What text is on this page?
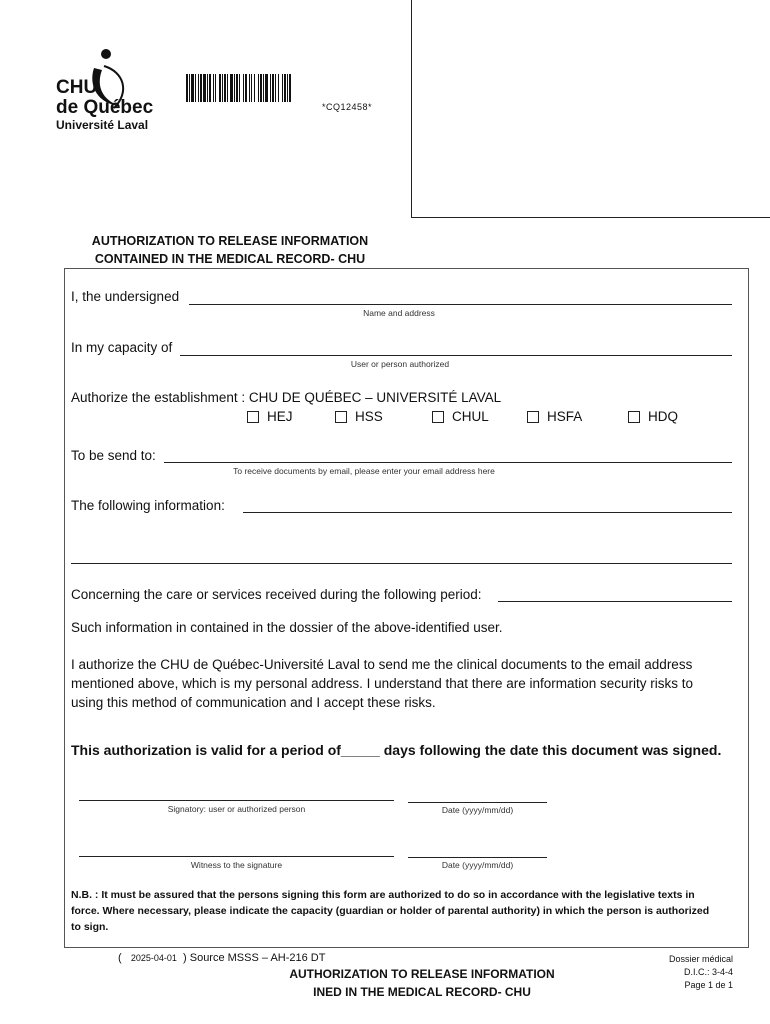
CHU
de Québec
Université Laval
*CQ12458*
AUTHORIZATION TO RELEASE INFORMATION
CONTAINED IN THE MEDICAL RECORD- CHU
I, the undersigned
Name and address
In my capacity of
User or person authorized
Authorize the establishment : CHU DE QUÉBEC – UNIVERSITÉ LAVAL
HEJ	HSS	CHUL	HSFA	HDQ
To be send to:
To receive documents by email, please enter your email address here
The following information:
Concerning the care or services received during the following period:
Such information in contained in the dossier of the above-identified user.
I authorize the CHU de Québec-Université Laval to send me the clinical documents to the email address
mentioned above, which is my personal address. I understand that there are information security risks to
using this method of communication and I accept these risks.
This authorization is valid for a period of_____ days following the date this document was signed.
Signatory: user or authorized person	Date (yyyy/mm/dd)
Witness to the signature	Date (yyyy/mm/dd)
N.B. : It must be assured that the persons signing this form are authorized to do so in accordance with the legislative texts in
force. Where necessary, please indicate the capacity (guardian or holder of parental authority) in which the person is authorized
to sign.
( 2025-04-01 ) Source MSSS – AH-216 DT
AUTHORIZATION TO RELEASE INFORMATION
INED IN THE MEDICAL RECORD- CHU
Dossier médical
D.I.C.: 3-4-4
Page 1 de 1
